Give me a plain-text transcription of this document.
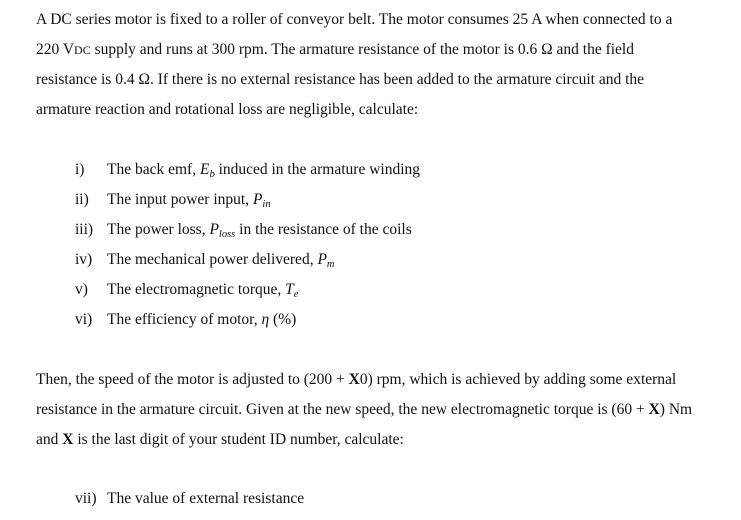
A DC series motor is fixed to a roller of conveyor belt. The motor consumes 25 A when connected to a 220 VDC supply and runs at 300 rpm. The armature resistance of the motor is 0.6 Ω and the field resistance is 0.4 Ω. If there is no external resistance has been added to the armature circuit and the armature reaction and rotational loss are negligible, calculate:

i) The back emf, $E_b$ induced in the armature winding
ii) The input power input, $P_{in}$
iii) The power loss, $P_{loss}$ in the resistance of the coils
iv) The mechanical power delivered, $P_m$
v) The electromagnetic torque, $T_e$
vi) The efficiency of motor, η (%)

Then, the speed of the motor is adjusted to (200 + X0) rpm, which is achieved by adding some external resistance in the armature circuit. Given at the new speed, the new electromagnetic torque is (60 + X) Nm and X is the last digit of your student ID number, calculate:

vii) The value of external resistance
